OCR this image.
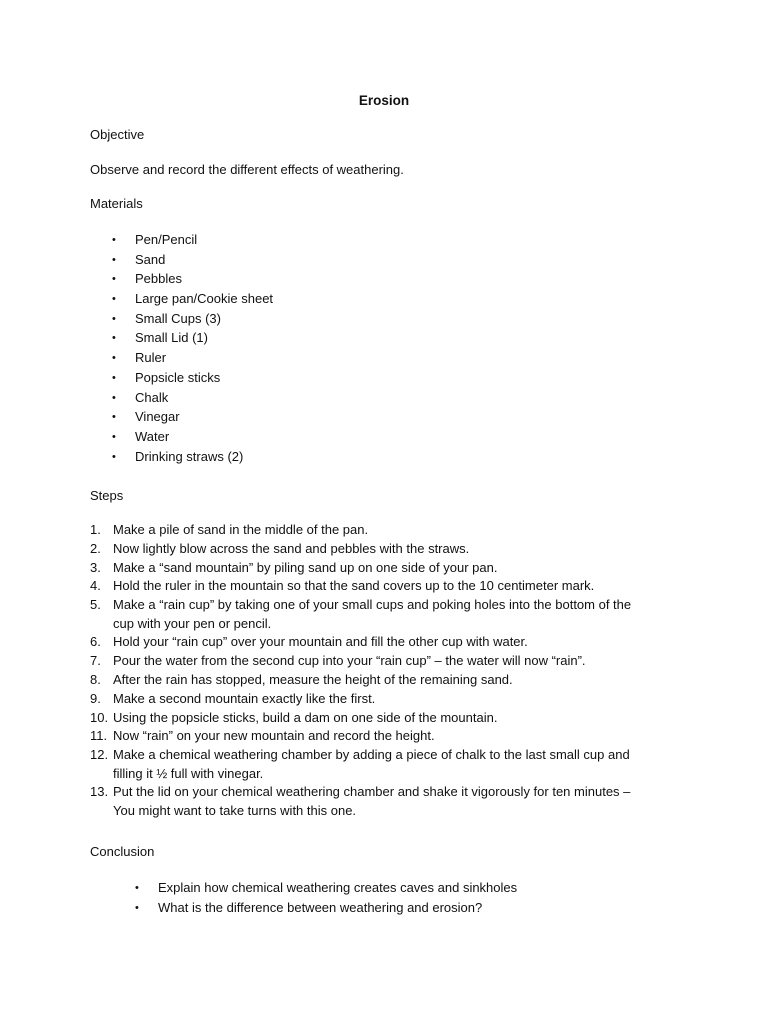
Erosion
Objective
Observe and record the different effects of weathering.
Materials
• Pen/Pencil
• Sand
• Pebbles
• Large pan/Cookie sheet
• Small Cups (3)
• Small Lid (1)
• Ruler
• Popsicle sticks
• Chalk
• Vinegar
• Water
• Drinking straws (2)
Steps
1. Make a pile of sand in the middle of the pan.
2. Now lightly blow across the sand and pebbles with the straws.
3. Make a “sand mountain” by piling sand up on one side of your pan.
4. Hold the ruler in the mountain so that the sand covers up to the 10 centimeter mark.
5. Make a “rain cup” by taking one of your small cups and poking holes into the bottom of the
cup with your pen or pencil.
6. Hold your “rain cup” over your mountain and fill the other cup with water.
7. Pour the water from the second cup into your “rain cup” – the water will now “rain”.
8. After the rain has stopped, measure the height of the remaining sand.
9. Make a second mountain exactly like the first.
10. Using the popsicle sticks, build a dam on one side of the mountain.
11. Now “rain” on your new mountain and record the height.
12. Make a chemical weathering chamber by adding a piece of chalk to the last small cup and
filling it ½ full with vinegar.
13. Put the lid on your chemical weathering chamber and shake it vigorously for ten minutes –
You might want to take turns with this one.
Conclusion
• Explain how chemical weathering creates caves and sinkholes
• What is the difference between weathering and erosion?
